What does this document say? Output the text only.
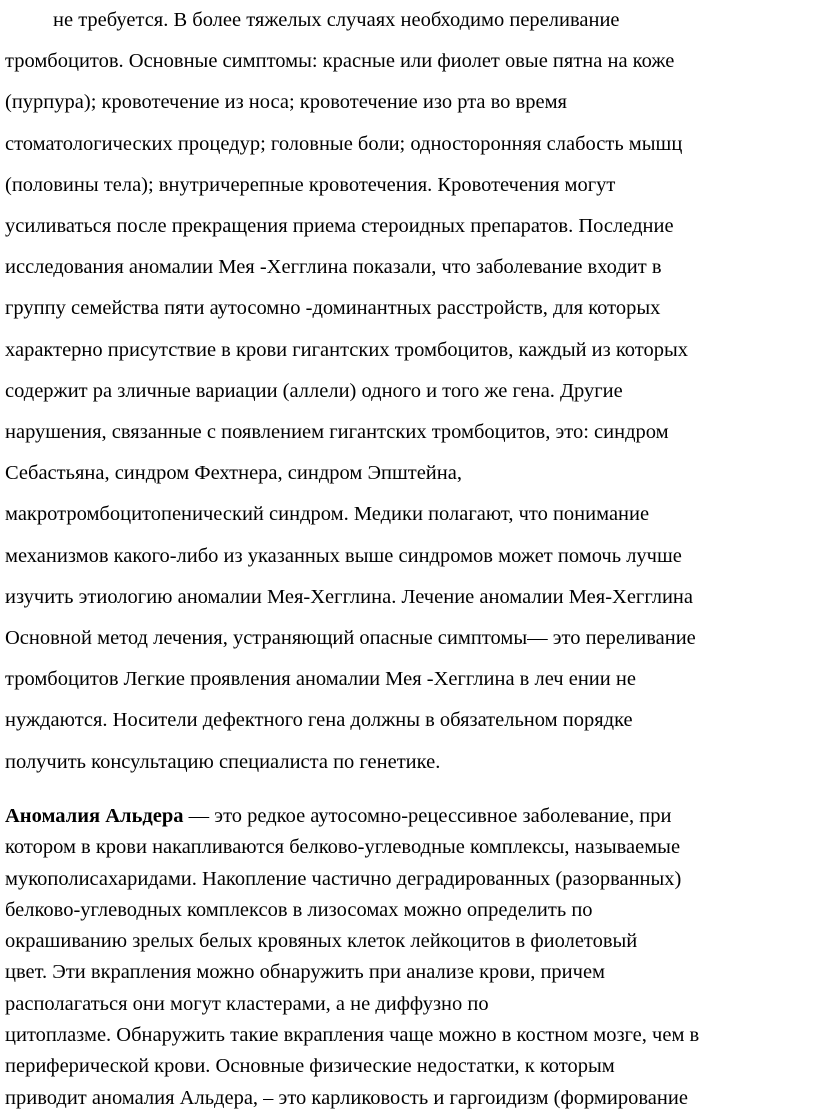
не требуется. В более тяжелых случаях необходимо переливание
тромбоцитов. Основные симптомы: красные или фиолет овые пятна на коже
(пурпура); кровотечение из носа; кровотечение изо рта во время
стоматологических процедур; головные боли; односторонняя слабость мышц
(половины тела); внутричерепные кровотечения. Кровотечения могут
усиливаться после прекращения приема стероидных препаратов. Последние
исследования аномалии Мея -Хегглина показали, что заболевание входит в
группу семейства пяти аутосомно -доминантных расстройств, для которых
характерно присутствие в крови гигантских тромбоцитов, каждый из которых
содержит ра зличные вариации (аллели) одного и того же гена. Другие
нарушения, связанные с появлением гигантских тромбоцитов, это: синдром
Себастьяна, синдром Фехтнера, синдром Эпштейна,
макротромбоцитопенический синдром. Медики полагают, что понимание
механизмов какого-либо из указанных выше синдромов может помочь лучше
изучить этиологию аномалии Мея-Хегглина. Лечение аномалии Мея-Хегглина
Основной метод лечения, устраняющий опасные симптомы— это переливание
тромбоцитов Легкие проявления аномалии Мея -Хегглина в леч ении не
нуждаются. Носители дефектного гена должны в обязательном порядке
получить консультацию специалиста по генетике.
Аномалия Альдера — это редкое аутосомно-рецессивное заболевание, при
котором в крови накапливаются белково-углеводные комплексы, называемые
мукополисахаридами. Накопление частично деградированных (разорванных)
белково-углеводных комплексов в лизосомах можно определить по
окрашиванию зрелых белых кровяных клеток лейкоцитов в фиолетовый
цвет. Эти вкрапления можно обнаружить при анализе крови, причем
располагаться они могут кластерами, а не диффузно по
цитоплазме. Обнаружить такие вкрапления чаще можно в костном мозге, чем в
периферической крови. Основные физические недостатки, к которым
приводит аномалия Альдера, – это карликовость и гаргоидизм (формирование
